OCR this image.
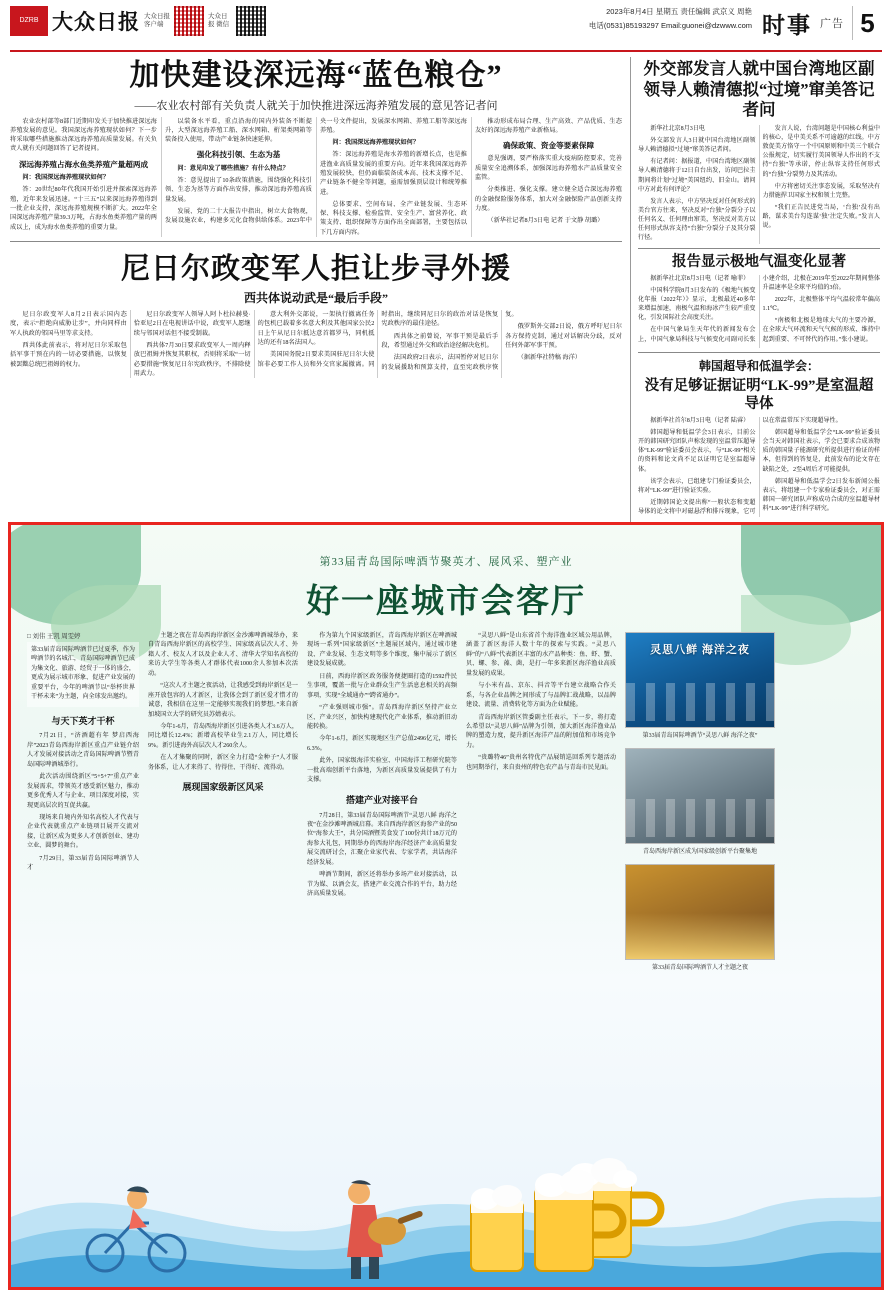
DZRB 大众日报 大众日报 客户端
大众日报 微信
2023年8月4日 星期五 责任编辑 武京义 周艳
电话(0531)85193297 Email:guonei@dzwww.com 时事 广告 5
加快建设深远海“蓝色粮仓”
——农业农村部有关负责人就关于加快推进深远海养殖发展的意见答记者问

农业农村部等8部门近期印发关于加快推进深远海养殖发展的意见。我国深远海养殖现状如何？下一步将采取哪些措施推动深远海养殖高质量发展。有关负责人就有关问题回答了记者提问。

深远海养殖占海水鱼类养殖产量超两成

问：我国深远海养殖现状如何？

答：20世纪80年代我国开始引进并探索深远海养殖，近年来发展迅速。“十三五”以来深远海养殖得到一批企业支持，深远海养殖规模不断扩大。2022年全国深远海养殖产量39.3万吨，占海水鱼类养殖产量的两成以上，成为海水鱼类养殖的重要力量。

以装备水平看，重点沿海的国内外装备不断提升，大型深远海养殖工船、深水网箱、桁架类网箱等装备投入使用，带动产业链条快速延伸。

强化科技引领、生态为基

问：意见印发了哪些措施？有什么特点？

答：意见提出了10条政策措施，围绕强化科技引领、生态为基等方面作出安排，推动深远海养殖高质量发展。

发展、党的二十大报告中指出，树立大食物观，发展设施农业，构建多元化食物供给体系。2023年中央一号文件提出，发展深水网箱、养殖工船等深远海养殖。

问：我国深远海养殖现状如何？

答：深远海养殖是海水养殖的新增长点，也是推进渔业高质量发展的重要方向。近年来我国深远海养殖发展较快，但仍面临装备成本高、技术支撑不足、产业链条不健全等问题，亟需加强顶层设计和统筹推进。

总体要求、空间布局、全产业链发展、生态环保、科技支撑、检验监管、安全生产、富营养化、政策支持、组织保障等方面作出全面部署，主要包括以下几方面内容。

推动形成布局合理、生产高效、产品优质、生态友好的深远海养殖产业新格局。

确保政策、资金等要素保障

意见强调，要严格落实重大疫病防控要求，完善质量安全追溯体系，加强深远海养殖水产品质量安全监管。

分类推进、强化支撑。建立健全适合深远海养殖的金融保险服务体系，加大对金融保险产品创新支持力度。

（新华社记者8月3日电 记者 于文静 胡璐）

尼日尔政变军人拒让步寻外援
西共体说动武是“最后手段”

尼日尔政变军人8月2日表示国内态度，表示“拒绝向威胁让步”，并向同样由军人执政的邻国马里等求支持。

西共体此前表示，将对尼日尔采取包括军事干预在内的一切必要措施，以恢复被罢黜总统巴祖姆的权力。

尼日尔政变军人领导人阿卜杜拉赫曼·恰亚尼2日在电视讲话中说，政变军人愿继续与邻国对话但不接受制裁。

西共体7月30日要求政变军人一周内释放巴祖姆并恢复其职权，否则将采取“一切必要措施”恢复尼日尔宪政秩序，不排除使用武力。

意大利外交部说，一架执行撤离任务的包机已载着多名意大利及其他国家公民2日上午从尼日尔抵达意首都罗马，同机抵达的还有18名法国人。

美国国务院2日要求美国驻尼日尔大使馆非必要工作人员和外交官家属撤离。同时指出，继续同尼日尔的政治对话是恢复宪政秩序的最佳途径。

西共体之前曾说，军事干预是最后手段，希望通过外交和政治途径解决危机。

法国政府2日表示，法国暂停对尼日尔的发展援助和预算支持，直至宪政秩序恢复。

俄罗斯外交部2日说，俄方呼吁尼日尔各方保持克制，通过对话解决分歧，反对任何外部军事干预。

（据新华社特稿 海洋）

外交部发言人就中国台湾地区副领导人赖清德拟“过境”窜美答记者问

新华社北京8月3日电

外交部发言人3日就中国台湾地区副领导人赖清德拟“过境”窜美答记者问。

有记者问：据报道，中国台湾地区副领导人赖清德将于12日自台出发，访问巴拉圭期间将计划“过境”美国纽约、旧金山。请问中方对此有何评论？

发言人表示，中方坚决反对任何形式的美台官方往来，坚决反对“台独”分裂分子以任何名义、任何理由窜美，坚决反对美方以任何形式纵容支持“台独”分裂分子及其分裂行径。

发言人说，台湾问题是中国核心利益中的核心，是中美关系不可逾越的红线。中方敦促美方恪守一个中国原则和中美三个联合公报规定，切实履行美国领导人作出的不支持“台独”等承诺，停止纵容支持任何形式的“台独”分裂势力及其活动。

中方将密切关注事态发展，采取坚决有力措施捍卫国家主权和领土完整。

“我们正告民进党当局，‘台独’没有出路，谋求美台勾连谋‘独’注定失败。”发言人说。

报告显示极地气温变化显著

据新华社北京8月3日电（记者 喻菲）

中国科学院8月3日发布的《极地气候变化年报（2022年）》显示，北极最近40多年来增温加速，南极气温和海冰产生较严重变化，引发国际社会高度关注。

在中国气象局生天年代的新闻发布会上，中国气象局科技与气候变化司副司长张小建介绍，北极在2019年至2022年期间整体升温速率是全球平均值的3倍。

2022年，北极整体平均气温较常年偏高1.1℃。

“南极和北极是地球大气的主要冷源，在全球大气环流和天气气候的形成、维持中起到重要、不可替代的作用。”张小建说。

韩国超导和低温学会：
没有足够证据证明“LK-99”是室温超导体

据新华社首尔8月3日电（记者 陆睿）

韩国超导和低温学会3日表示，目前公开的韩国研究团队声称发现的室温常压超导体“LK-99”验证委员会表示，与“LK-99”相关的资料和论文尚不足以证明它是室温超导体。

该学会表示，已组建专门验证委员会，将对“LK-99”进行验证实验。

近期韩国论文提出称“一般状态和变超导体的论文将中对磁悬浮和排斥现象，它可以在常温常压下实现超导性。

韩国超导和低温学会“LK-99”验证委员会当天对韩国社表示，学会已要求合成该物质的韩国量子能源研究所提供进行验证的样本，但得到的答复是，此前发布的论文存在缺陷之处，2至4周后才可能提供。

韩国超导和低温学会2日发布新闻公报表示，将组建一个专家验证委员会，对正需韩国一研究团队声称成功合成的室温超导材料“LK-99”进行科学研究。

第33届青岛国际啤酒节聚英才、展风采、塑产业
好一座城市会客厅
□ 刘伟 王凯 周雯婷
第33届青岛国际啤酒节已过夏季，作为啤酒节的名城汇，青岛国际啤酒节已成为集文化、旅游、经贸于一体的盛会，更成为展示城市形象、促进产业发展的重要平台，今年的啤酒节以“举杯世界 干杯未来”为主题，向全球发出邀约。
与天下英才干杯

7月21日，“济酒超有年 梦启西海岸”2023青岛西海岸新区重点产业链介绍人才发展对接活动之青岛国际啤酒节暨青岛国际啤酒城举行。

此次活动围绕新区“5+5+7”重点产业发展需求，带领英才感受新区魅力，推动更多优秀人才与企业、项目深度对接，实现更高层次的互促共赢。

现场来自境内外知名高校人才代表与企业代表就重点产业链项目展开交流对接，让新区成为更多人才创新创业、建功立业、圆梦的舞台。

7月29日，第33届青岛国际啤酒节人才

主题之夜在青岛西海岸新区金沙滩啤酒城举办，来自青岛西海岸新区的高校学生、国家级高层次人才、外籍人才、校友人才以及企业人才、清华大学知名高校的来访大学生等各类人才群体代表1000余人参加本次活动。

“这次人才主题之夜活动，让我感受到海岸新区是一座开放包容的人才新区，让我体会到了新区爱才惜才的诚意，我相信在这里一定能够实现我们的梦想。”来自新加坡国立大学的研究员苏婧表示。

今年1-6月，青岛西海岸新区引进各类人才3.6万人，同比增长12.4%；新增高校毕业生2.1万人，同比增长9%。新引进海外高层次人才260余人。

在人才集聚的同时，新区全力打造“金种子”人才服务体系，让人才来得了、待得住、干得好、流得动。

展现国家级新区风采

作为第九个国家级新区，青岛西海岸新区在啤酒城现场一系列“国家级新区”主题展区域内，通过城市建设、产业发展、生态文明等多个维度，集中展示了新区建设发展成就。

日前，西海岸新区政务服务便捷圈打造的1592件民生事项，覆盖一批与企业群众生产生活息息相关的高频事项，实现“全域通办”“跨省通办”。

“产业强则城市强”。青岛西海岸新区坚持产业立区、产业兴区，加快构建现代化产业体系，推动新旧动能转换。

今年1-6月，新区实现地区生产总值2496亿元，增长6.3%。

此外，国家级海洋实验室、中国海洋工程研究院等一批高端创新平台落地，为新区高质量发展提供了有力支撑。

搭建产业对接平台

7月28日，第33届青岛国际啤酒节“灵思八鲜 海洋之夜”在金沙滩啤酒城启幕。来自西海岸新区海参产业的50位“海参大王”，共分国酒暨美食发了100份共计18万元的海参大礼包，同期举办的西海岸海洋经济产业高质量发展交流研讨会，汇聚企业家代表、专家学者，共话海洋经济发展。

啤酒节期间，新区还将举办多场产业对接活动，以节为媒、以酒会友，搭建产业交流合作的平台，助力经济高质量发展。

“灵思八鲜”是山东省首个海洋渔业区域公用品牌，涵盖了新区海洋人数十年的探索与实践。“灵思八鲜”的“八鲜”代表新区丰富的水产品种类：鱼、虾、蟹、贝、螺、参、藻、菌，是打一年多来新区海洋渔业高质量发展的成果。

与小米有品、京东、抖音等平台建立战略合作关系，与各企业品牌之间形成了与品牌汇战战略，以品牌建设、流量、消费转化等方面为企业赋能。

青岛西海岸新区管委副主任表示，下一步，将打造么希望以“灵思八鲜”品牌为引领，加大新区海洋渔业品牌的塑造力度，提升新区海洋产品的附加值和市场竞争力。

“贵璐特46”贵州名特优产品展销巡回系列专题活动也同期举行，来自贵州的特色农产品与青岛市民见面。

灵思八鲜 海洋之夜
第33届青岛国际啤酒节“灵思八鲜 海洋之夜”
青岛西海岸新区成为国家级创新平台聚集地
第33届青岛国际啤酒节人才主题之夜
